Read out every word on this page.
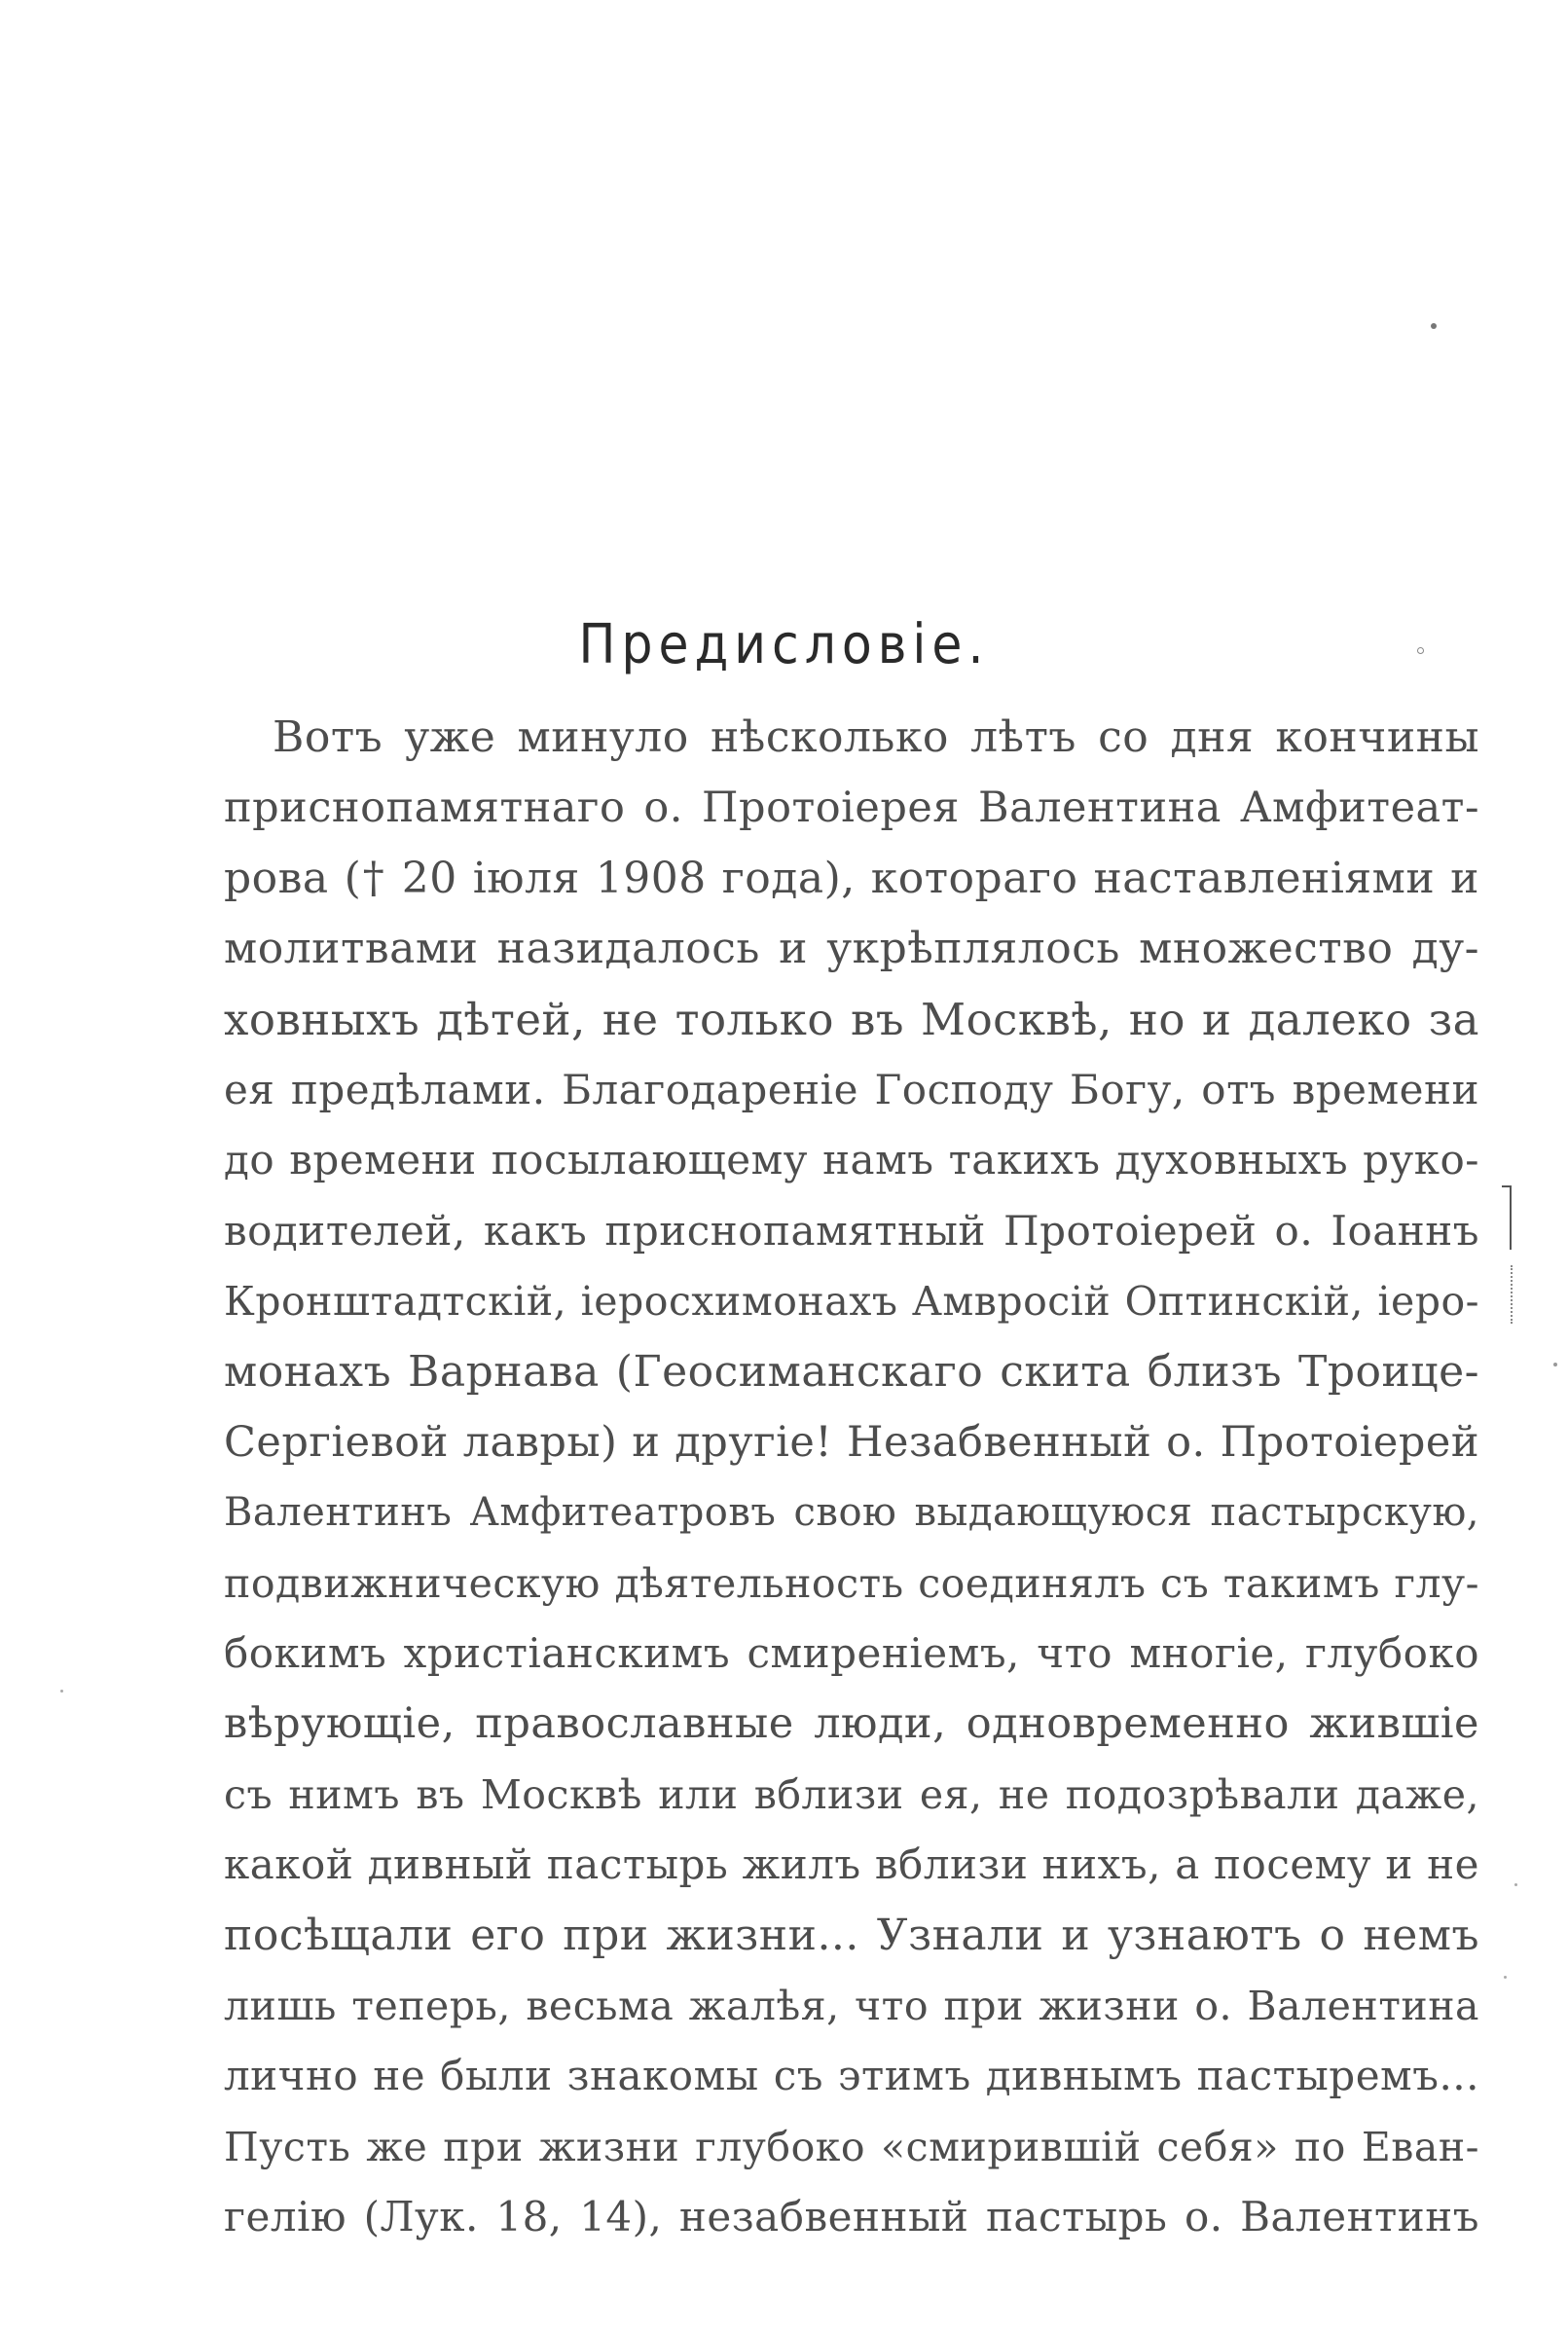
Предисловіе.
Вотъ уже минуло нѣсколько лѣтъ со дня кончины
приснопамятнаго о. Протоіерея Валентина Амфитеат-
рова († 20 іюля 1908 года), котораго наставленіями и
молитвами назидалось и укрѣплялось множество ду-
ховныхъ дѣтей, не только въ Москвѣ, но и далеко за
ея предѣлами. Благодареніе Господу Богу, отъ времени
до времени посылающему намъ такихъ духовныхъ руко-
водителей, какъ приснопамятный Протоіерей о. Іоаннъ
Кронштадтскій, іеросхимонахъ Амвросій Оптинскій, іеро-
монахъ Варнава (Геосиманскаго скита близъ Троице-
Сергіевой лавры) и другіе! Незабвенный о. Протоіерей
Валентинъ Амфитеатровъ свою выдающуюся пастырскую,
подвижническую дѣятельность соединялъ съ такимъ глу-
бокимъ христіанскимъ смиреніемъ, что многіе, глубоко
вѣрующіе, православные люди, одновременно жившіе
съ нимъ въ Москвѣ или вблизи ея, не подозрѣвали даже,
какой дивный пастырь жилъ вблизи нихъ, а посему и не
посѣщали его при жизни... Узнали и узнаютъ о немъ
лишь теперь, весьма жалѣя, что при жизни о. Валентина
лично не были знакомы съ этимъ дивнымъ пастыремъ...
Пусть же при жизни глубоко «смирившій себя» по Еван-
гелію (Лук. 18, 14), незабвенный пастырь о. Валентинъ
